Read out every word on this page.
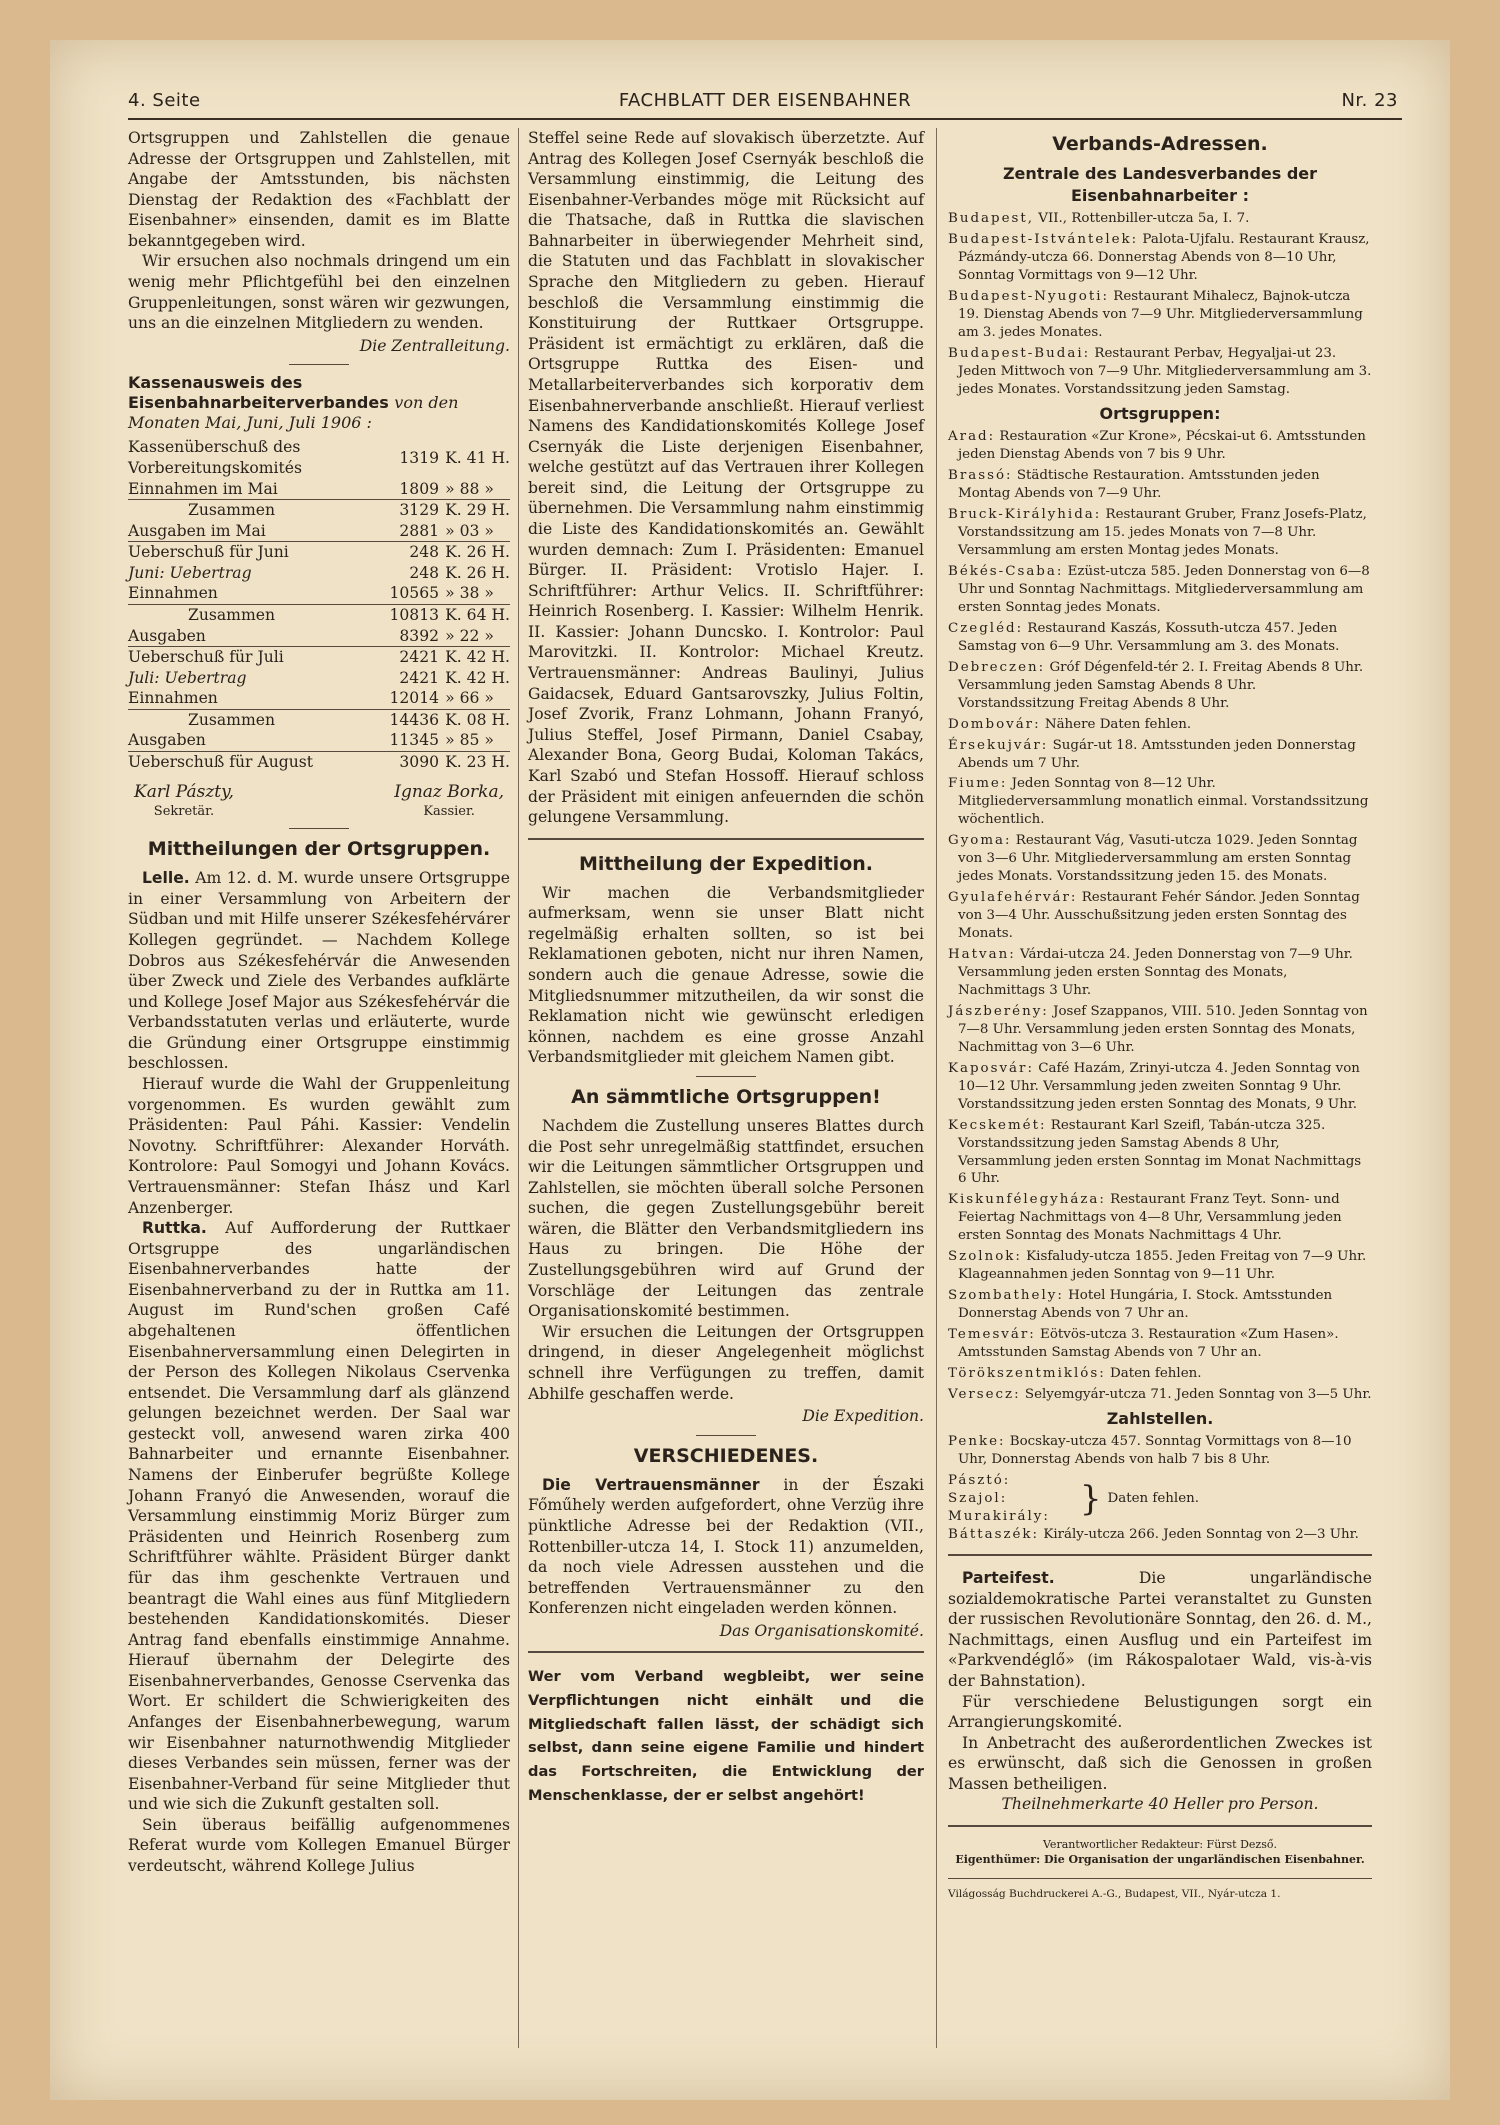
4. Seite	FACHBLATT DER EISENBAHNER	Nr. 23

Ortsgruppen und Zahlstellen die genaue Adresse der Ortsgruppen und Zahlstellen, mit Angabe der Amtsstunden, bis nächsten Dienstag der Redaktion des «Fachblatt der Eisenbahner» einsenden, damit es im Blatte bekanntgegeben wird.

Wir ersuchen also nochmals dringend um ein wenig mehr Pflichtgefühl bei den einzelnen Gruppenleitungen, sonst wären wir gezwungen, uns an die einzelnen Mitgliedern zu wenden.

Die Zentralleitung.
Kassenausweis des Eisenbahnarbeiterverbandes von den Monaten Mai, Juni, Juli 1906 :
Kassenüberschuß des Vorbereitungskomités	1319	K. 41 H.
Einnahmen im Mai	1809	» 88 »
Zusammen	3129	K. 29 H.
Ausgaben im Mai	2881	» 03 »
Ueberschuß für Juni	248	K. 26 H.
Juni: Uebertrag	248	K. 26 H.
Einnahmen	10565	» 38 »
Zusammen	10813	K. 64 H.
Ausgaben	8392	» 22 »
Ueberschuß für Juli	2421	K. 42 H.
Juli: Uebertrag	2421	K. 42 H.
Einnahmen	12014	» 66 »
Zusammen	14436	K. 08 H.
Ausgaben	11345	» 85 »
Ueberschuß für August	3090	K. 23 H.
Karl Pászty,
Sekretär.
Ignaz Borka,
Kassier.
Mittheilungen der Ortsgruppen.

Lelle. Am 12. d. M. wurde unsere Ortsgruppe in einer Versammlung von Arbeitern der Südban und mit Hilfe unserer Székesfehérvárer Kollegen gegründet. — Nachdem Kollege Dobros aus Székesfehérvár die Anwesenden über Zweck und Ziele des Verbandes aufklärte und Kollege Josef Major aus Székesfehérvár die Verbandsstatuten verlas und erläuterte, wurde die Gründung einer Ortsgruppe einstimmig beschlossen.

Hierauf wurde die Wahl der Gruppenleitung vorgenommen. Es wurden gewählt zum Präsidenten: Paul Páhi. Kassier: Vendelin Novotny. Schriftführer: Alexander Horváth. Kontrolore: Paul Somogyi und Johann Kovács. Vertrauensmänner: Stefan Ihász und Karl Anzenberger.

Ruttka. Auf Aufforderung der Ruttkaer Ortsgruppe des ungarländischen Eisenbahnerverbandes hatte der Eisenbahnerverband zu der in Ruttka am 11. August im Rund'schen großen Café abgehaltenen öffentlichen Eisenbahnerversammlung einen Delegirten in der Person des Kollegen Nikolaus Cservenka entsendet. Die Versammlung darf als glänzend gelungen bezeichnet werden. Der Saal war gesteckt voll, anwesend waren zirka 400 Bahnarbeiter und ernannte Eisenbahner. Namens der Einberufer begrüßte Kollege Johann Franyó die Anwesenden, worauf die Versammlung einstimmig Moriz Bürger zum Präsidenten und Heinrich Rosenberg zum Schriftführer wählte. Präsident Bürger dankt für das ihm geschenkte Vertrauen und beantragt die Wahl eines aus fünf Mitgliedern bestehenden Kandidationskomités. Dieser Antrag fand ebenfalls einstimmige Annahme. Hierauf übernahm der Delegirte des Eisenbahnerverbandes, Genosse Cservenka das Wort. Er schildert die Schwierigkeiten des Anfanges der Eisenbahnerbewegung, warum wir Eisenbahner naturnothwendig Mitglieder dieses Verbandes sein müssen, ferner was der Eisenbahner-Verband für seine Mitglieder thut und wie sich die Zukunft gestalten soll.

Sein überaus beifällig aufgenommenes Referat wurde vom Kollegen Emanuel Bürger verdeutscht, während Kollege Julius

Steffel seine Rede auf slovakisch überzetzte. Auf Antrag des Kollegen Josef Csernyák beschloß die Versammlung einstimmig, die Leitung des Eisenbahner-Verbandes möge mit Rücksicht auf die Thatsache, daß in Ruttka die slavischen Bahnarbeiter in überwiegender Mehrheit sind, die Statuten und das Fachblatt in slovakischer Sprache den Mitgliedern zu geben. Hierauf beschloß die Versammlung einstimmig die Konstituirung der Ruttkaer Ortsgruppe. Präsident ist ermächtigt zu erklären, daß die Ortsgruppe Ruttka des Eisen- und Metallarbeiterverbandes sich korporativ dem Eisenbahnerverbande anschließt. Hierauf verliest Namens des Kandidationskomités Kollege Josef Csernyák die Liste derjenigen Eisenbahner, welche gestützt auf das Vertrauen ihrer Kollegen bereit sind, die Leitung der Ortsgruppe zu übernehmen. Die Versammlung nahm einstimmig die Liste des Kandidationskomités an. Gewählt wurden demnach: Zum I. Präsidenten: Emanuel Bürger. II. Präsident: Vrotislo Hajer. I. Schriftführer: Arthur Velics. II. Schriftführer: Heinrich Rosenberg. I. Kassier: Wilhelm Henrik. II. Kassier: Johann Duncsko. I. Kontrolor: Paul Marovitzki. II. Kontrolor: Michael Kreutz. Vertrauensmänner: Andreas Baulinyi, Julius Gaidacsek, Eduard Gantsarovszky, Julius Foltin, Josef Zvorik, Franz Lohmann, Johann Franyó, Julius Steffel, Josef Pirmann, Daniel Csabay, Alexander Bona, Georg Budai, Koloman Takács, Karl Szabó und Stefan Hossoff. Hierauf schloss der Präsident mit einigen anfeuernden die schön gelungene Versammlung.

Mittheilung der Expedition.

Wir machen die Verbandsmitglieder aufmerksam, wenn sie unser Blatt nicht regelmäßig erhalten sollten, so ist bei Reklamationen geboten, nicht nur ihren Namen, sondern auch die genaue Adresse, sowie die Mitgliedsnummer mitzutheilen, da wir sonst die Reklamation nicht wie gewünscht erledigen können, nachdem es eine grosse Anzahl Verbandsmitglieder mit gleichem Namen gibt.

An sämmtliche Ortsgruppen!

Nachdem die Zustellung unseres Blattes durch die Post sehr unregelmäßig stattfindet, ersuchen wir die Leitungen sämmtlicher Ortsgruppen und Zahlstellen, sie möchten überall solche Personen suchen, die gegen Zustellungsgebühr bereit wären, die Blätter den Verbandsmitgliedern ins Haus zu bringen. Die Höhe der Zustellungsgebühren wird auf Grund der Vorschläge der Leitungen das zentrale Organisationskomité bestimmen.

Wir ersuchen die Leitungen der Ortsgruppen dringend, in dieser Angelegenheit möglichst schnell ihre Verfügungen zu treffen, damit Abhilfe geschaffen werde.

Die Expedition.
VERSCHIEDENES.

Die Vertrauensmänner in der Északi Főműhely werden aufgefordert, ohne Verzüg ihre pünktliche Adresse bei der Redaktion (VII., Rottenbiller-utcza 14, I. Stock 11) anzumelden, da noch viele Adressen ausstehen und die betreffenden Vertrauensmänner zu den Konferenzen nicht eingeladen werden können.

Das Organisationskomité.
Wer vom Verband wegbleibt, wer seine Verpflichtungen nicht einhält und die Mitgliedschaft fallen lässt, der schädigt sich selbst, dann seine eigene Familie und hindert das Fortschreiten, die Entwicklung der Menschenklasse, der er selbst angehört!
Verbands-Adressen.
Zentrale des Landesverbandes der Eisenbahnarbeiter :
Budapest, VII., Rottenbiller-utcza 5a, I. 7.
Budapest-Istvántelek: Palota-Ujfalu. Restaurant Krausz, Pázmándy-utcza 66. Donnerstag Abends von 8—10 Uhr, Sonntag Vormittags von 9—12 Uhr.
Budapest-Nyugoti: Restaurant Mihalecz, Bajnok-utcza 19. Dienstag Abends von 7—9 Uhr. Mitgliederversammlung am 3. jedes Monates.
Budapest-Budai: Restaurant Perbav, Hegyaljai-ut 23. Jeden Mittwoch von 7—9 Uhr. Mitgliederversammlung am 3. jedes Monates. Vorstandssitzung jeden Samstag.
Ortsgruppen:
Arad: Restauration «Zur Krone», Pécskai-ut 6. Amtsstunden jeden Dienstag Abends von 7 bis 9 Uhr.
Brassó: Städtische Restauration. Amtsstunden jeden Montag Abends von 7—9 Uhr.
Bruck-Királyhida: Restaurant Gruber, Franz Josefs-Platz, Vorstandssitzung am 15. jedes Monats von 7—8 Uhr. Versammlung am ersten Montag jedes Monats.
Békés-Csaba: Ezüst-utcza 585. Jeden Donnerstag von 6—8 Uhr und Sonntag Nachmittags. Mitgliederversammlung am ersten Sonntag jedes Monats.
Czegléd: Restaurand Kaszás, Kossuth-utcza 457. Jeden Samstag von 6—9 Uhr. Versammlung am 3. des Monats.
Debreczen: Gróf Dégenfeld-tér 2. I. Freitag Abends 8 Uhr. Versammlung jeden Samstag Abends 8 Uhr. Vorstandssitzung Freitag Abends 8 Uhr.
Dombovár: Nähere Daten fehlen.
Érsekujvár: Sugár-ut 18. Amtsstunden jeden Donnerstag Abends um 7 Uhr.
Fiume: Jeden Sonntag von 8—12 Uhr. Mitgliederversammlung monatlich einmal. Vorstandssitzung wöchentlich.
Gyoma: Restaurant Vág, Vasuti-utcza 1029. Jeden Sonntag von 3—6 Uhr. Mitgliederversammlung am ersten Sonntag jedes Monats. Vorstandssitzung jeden 15. des Monats.
Gyulafehérvár: Restaurant Fehér Sándor. Jeden Sonntag von 3—4 Uhr. Ausschußsitzung jeden ersten Sonntag des Monats.
Hatvan: Várdai-utcza 24. Jeden Donnerstag von 7—9 Uhr. Versammlung jeden ersten Sonntag des Monats, Nachmittags 3 Uhr.
Jászberény: Josef Szappanos, VIII. 510. Jeden Sonntag von 7—8 Uhr. Versammlung jeden ersten Sonntag des Monats, Nachmittag von 3—6 Uhr.
Kaposvár: Café Hazám, Zrinyi-utcza 4. Jeden Sonntag von 10—12 Uhr. Versammlung jeden zweiten Sonntag 9 Uhr. Vorstandssitzung jeden ersten Sonntag des Monats, 9 Uhr.
Kecskemét: Restaurant Karl Szeifl, Tabán-utcza 325. Vorstandssitzung jeden Samstag Abends 8 Uhr, Versammlung jeden ersten Sonntag im Monat Nachmittags 6 Uhr.
Kiskunfélegyháza: Restaurant Franz Teyt. Sonn- und Feiertag Nachmittags von 4—8 Uhr, Versammlung jeden ersten Sonntag des Monats Nachmittags 4 Uhr.
Szolnok: Kisfaludy-utcza 1855. Jeden Freitag von 7—9 Uhr. Klageannahmen jeden Sonntag von 9—11 Uhr.
Szombathely: Hotel Hungária, I. Stock. Amtsstunden Donnerstag Abends von 7 Uhr an.
Temesvár: Eötvös-utcza 3. Restauration «Zum Hasen». Amtsstunden Samstag Abends von 7 Uhr an.
Törökszentmiklós: Daten fehlen.
Versecz: Selyemgyár-utcza 71. Jeden Sonntag von 3—5 Uhr.
Zahlstellen.
Penke: Bocskay-utcza 457. Sonntag Vormittags von 8—10 Uhr, Donnerstag Abends von halb 7 bis 8 Uhr.
Pásztó:
Szajol:
Murakirály: } Daten fehlen.
Báttaszék: Király-utcza 266. Jeden Sonntag von 2—3 Uhr.

Parteifest.	Die ungarländische sozialdemokratische Partei veranstaltet zu Gunsten der russischen Revolutionäre Sonntag, den 26. d. M., Nachmittags, einen Ausflug und ein Parteifest im «Parkvendéglő» (im Rákospalotaer Wald, vis-à-vis der Bahnstation).

Für verschiedene Belustigungen sorgt ein Arrangierungskomité.

In Anbetracht des außerordentlichen Zweckes ist es erwünscht, daß sich die Genossen in großen Massen betheiligen.

Theilnehmerkarte 40 Heller pro Person.
Verantwortlicher Redakteur: Fürst Dezső.
Eigenthümer: Die Organisation der ungarländischen Eisenbahner.
Világosság Buchdruckerei A.-G., Budapest, VII., Nyár-utcza 1.
